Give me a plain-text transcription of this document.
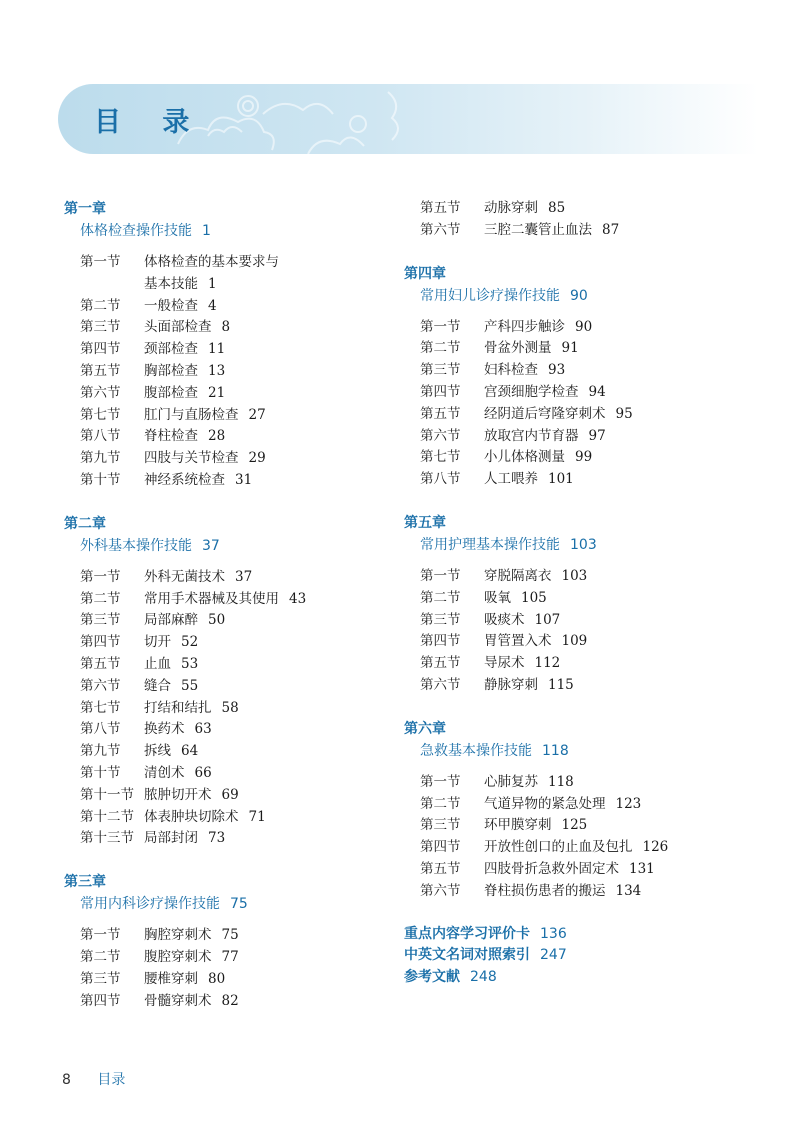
目 录
第一章
体格检查操作技能 1
第一节	体格检查的基本要求与
基本技能 1
第二节	一般检查 4
第三节	头面部检查 8
第四节	颈部检查 11
第五节	胸部检查 13
第六节	腹部检查 21
第七节	肛门与直肠检查 27
第八节	脊柱检查 28
第九节	四肢与关节检查 29
第十节	神经系统检查 31
第二章
外科基本操作技能 37
第一节	外科无菌技术 37
第二节	常用手术器械及其使用 43
第三节	局部麻醉 50
第四节	切开 52
第五节	止血 53
第六节	缝合 55
第七节	打结和结扎 58
第八节	换药术 63
第九节	拆线 64
第十节	清创术 66
第十一节 脓肿切开术 69
第十二节 体表肿块切除术 71
第十三节 局部封闭 73
第三章
常用内科诊疗操作技能 75
第一节	胸腔穿刺术 75
第二节	腹腔穿刺术 77
第三节	腰椎穿刺 80
第四节	骨髓穿刺术 82
第五节	动脉穿刺 85
第六节	三腔二囊管止血法 87
第四章
常用妇儿诊疗操作技能 90
第一节	产科四步触诊 90
第二节	骨盆外测量 91
第三节	妇科检查 93
第四节	宫颈细胞学检查 94
第五节	经阴道后穹隆穿刺术 95
第六节	放取宫内节育器 97
第七节	小儿体格测量 99
第八节	人工喂养 101
第五章
常用护理基本操作技能 103
第一节	穿脱隔离衣 103
第二节	吸氧 105
第三节	吸痰术 107
第四节	胃管置入术 109
第五节	导尿术 112
第六节	静脉穿刺 115
第六章
急救基本操作技能 118
第一节	心肺复苏 118
第二节	气道异物的紧急处理 123
第三节	环甲膜穿刺 125
第四节	开放性创口的止血及包扎 126
第五节	四肢骨折急救外固定术 131
第六节	脊柱损伤患者的搬运 134
重点内容学习评价卡 136
中英文名词对照索引 247
参考文献 248
8 目录
